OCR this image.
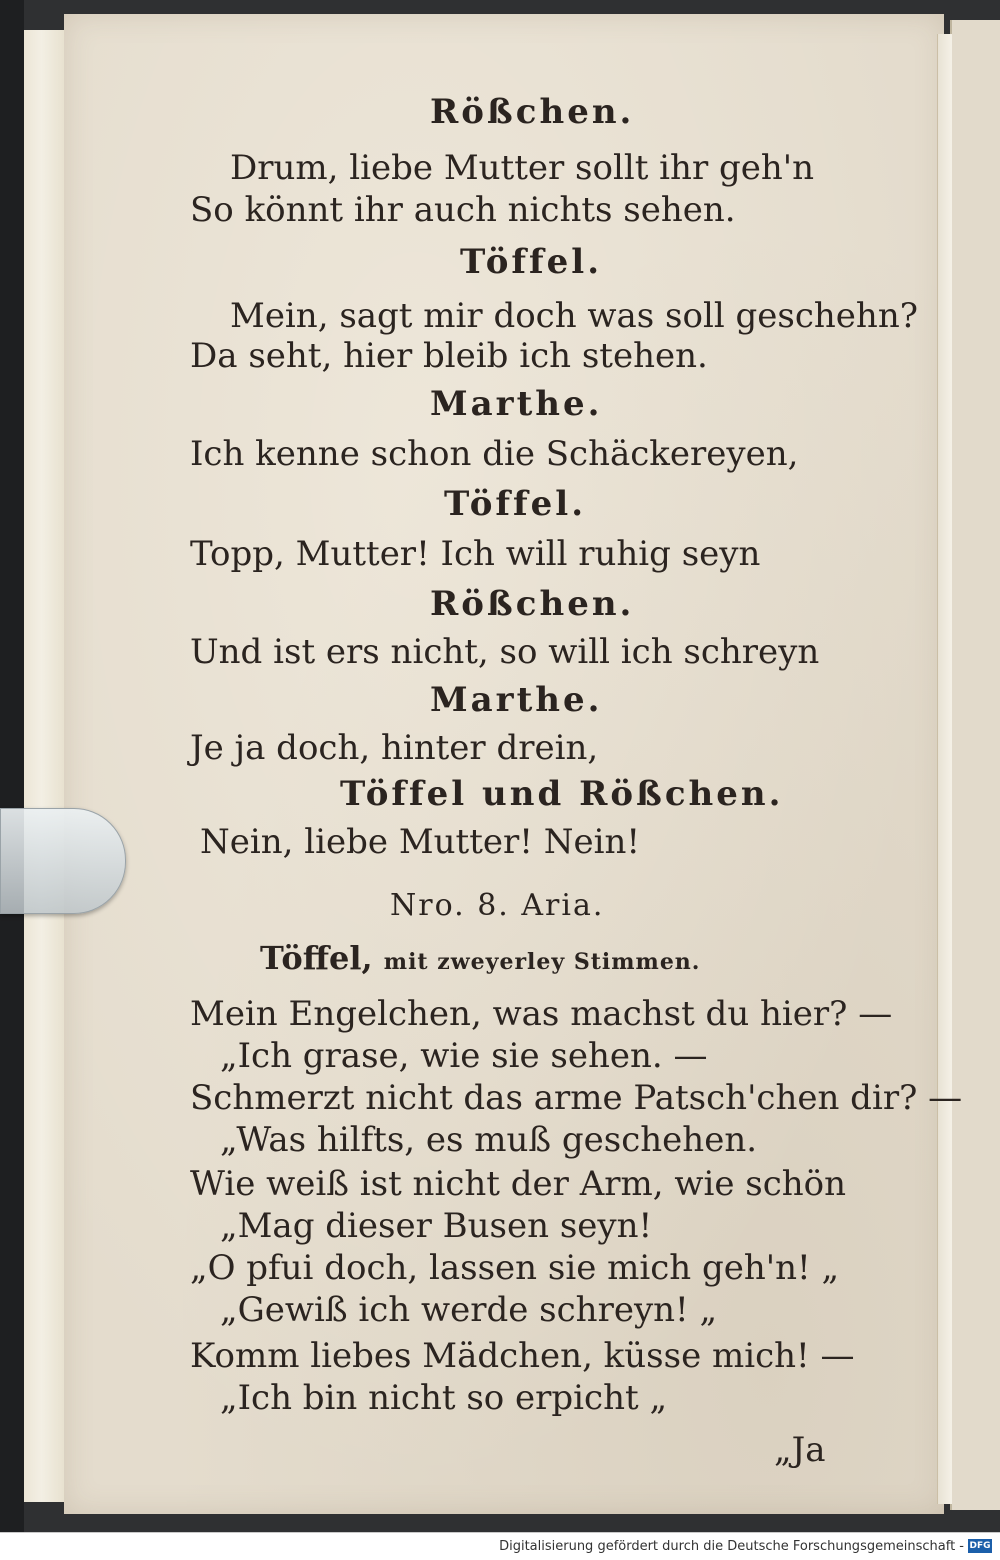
Rößchen.
Drum, liebe Mutter sollt ihr geh'n
So könnt ihr auch nichts sehen.
Töffel.
Mein, sagt mir doch was soll geschehn?
Da seht, hier bleib ich stehen.
Marthe.
Ich kenne schon die Schäckereyen,
Töffel.
Topp, Mutter! Ich will ruhig seyn
Rößchen.
Und ist ers nicht, so will ich schreyn
Marthe.
Je ja doch, hinter drein,
Töffel und Rößchen.
Nein, liebe Mutter! Nein!
Nro. 8. Aria.
Töffel, mit zweyerley Stimmen.
Mein Engelchen, was machst du hier? —
„Ich grase, wie sie sehen. —
Schmerzt nicht das arme Patsch'chen dir? —
„Was hilfts, es muß geschehen.
Wie weiß ist nicht der Arm, wie schön
„Mag dieser Busen seyn!
„O pfui doch, lassen sie mich geh'n! „
„Gewiß ich werde schreyn! „
Komm liebes Mädchen, küsse mich! —
„Ich bin nicht so erpicht „
„Ja
Digitalisierung gefördert durch die Deutsche Forschungsgemeinschaft - DFG
